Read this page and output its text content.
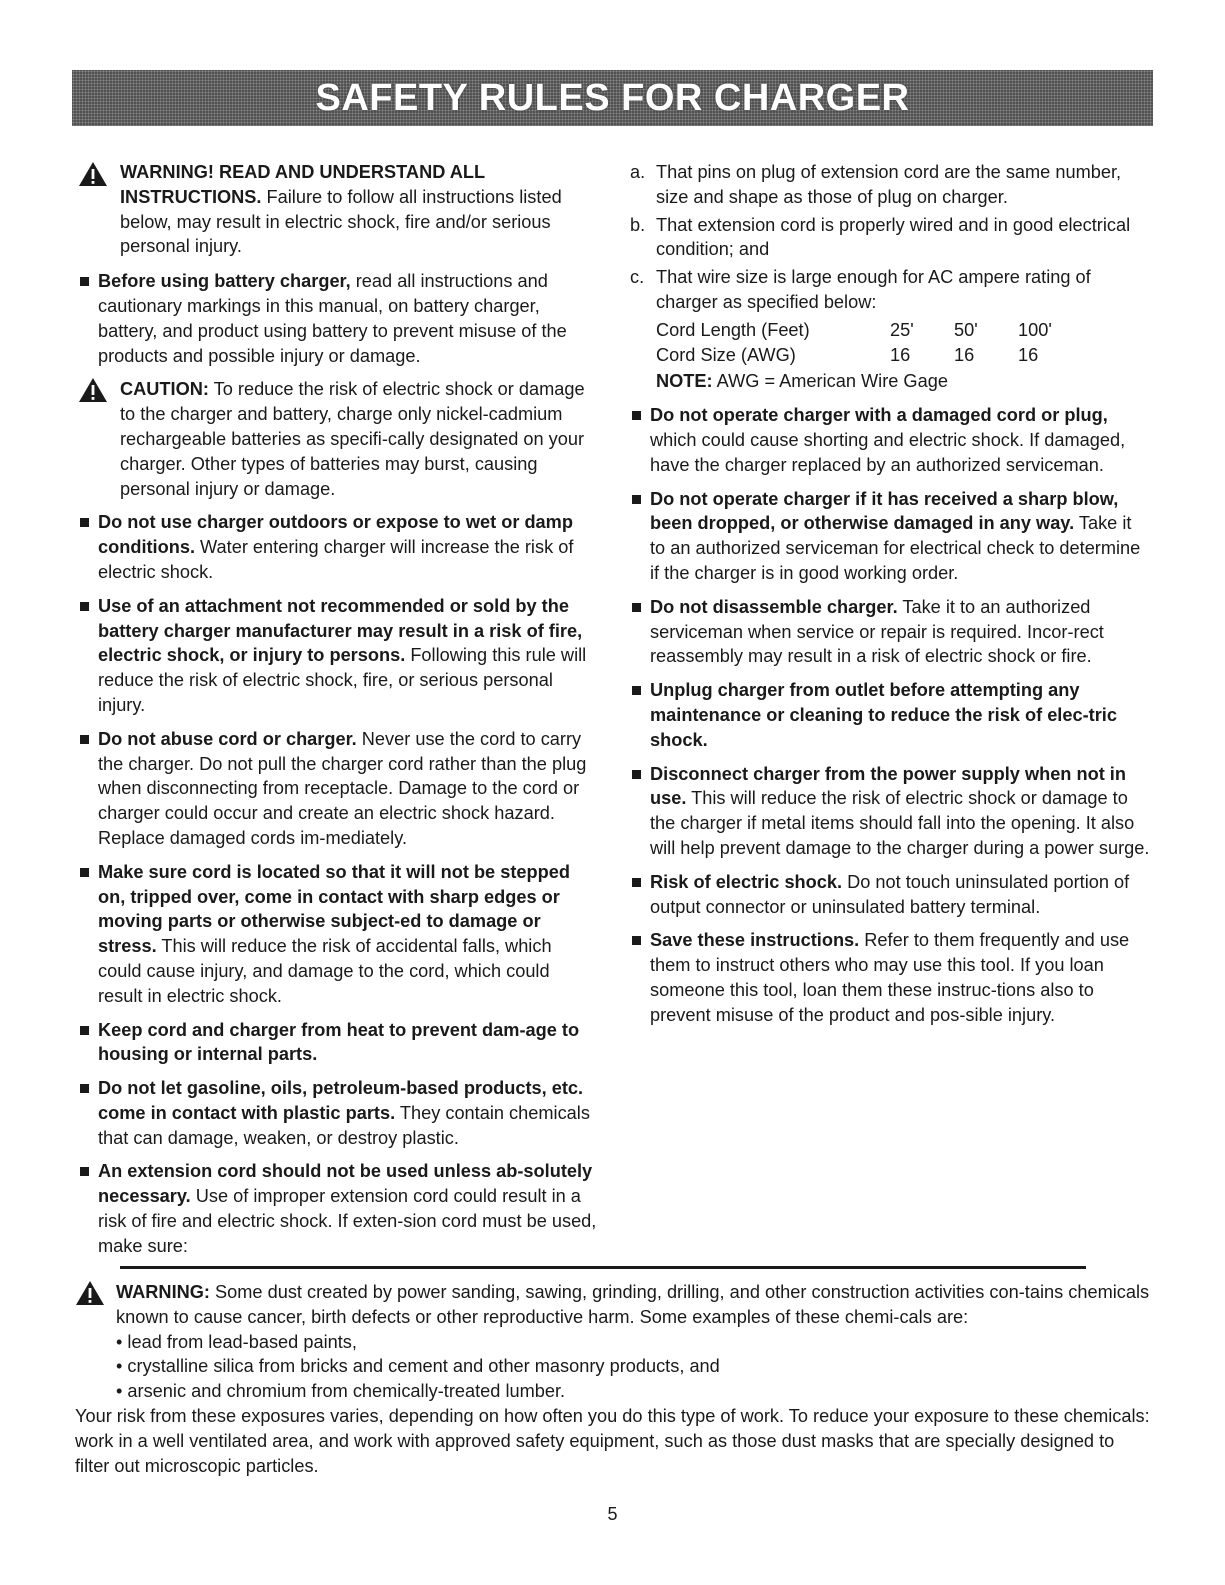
SAFETY RULES FOR CHARGER

WARNING! READ AND UNDERSTAND ALL INSTRUCTIONS. Failure to follow all instructions listed below, may result in electric shock, fire and/or serious personal injury.

Before using battery charger, read all instructions and cautionary markings in this manual, on battery charger, battery, and product using battery to prevent misuse of the products and possible injury or damage.

CAUTION: To reduce the risk of electric shock or damage to the charger and battery, charge only nickel-cadmium rechargeable batteries as specifi-cally designated on your charger. Other types of batteries may burst, causing personal injury or damage.

Do not use charger outdoors or expose to wet or damp conditions. Water entering charger will increase the risk of electric shock.

Use of an attachment not recommended or sold by the battery charger manufacturer may result in a risk of fire, electric shock, or injury to persons. Following this rule will reduce the risk of electric shock, fire, or serious personal injury.

Do not abuse cord or charger. Never use the cord to carry the charger. Do not pull the charger cord rather than the plug when disconnecting from receptacle. Damage to the cord or charger could occur and create an electric shock hazard. Replace damaged cords im-mediately.

Make sure cord is located so that it will not be stepped on, tripped over, come in contact with sharp edges or moving parts or otherwise subject-ed to damage or stress. This will reduce the risk of accidental falls, which could cause injury, and damage to the cord, which could result in electric shock.

Keep cord and charger from heat to prevent dam-age to housing or internal parts.

Do not let gasoline, oils, petroleum-based products, etc. come in contact with plastic parts. They contain chemicals that can damage, weaken, or destroy plastic.

An extension cord should not be used unless ab-solutely necessary. Use of improper extension cord could result in a risk of fire and electric shock. If exten-sion cord must be used, make sure:

a. That pins on plug of extension cord are the same number, size and shape as those of plug on charger.

b. That extension cord is properly wired and in good electrical condition; and

c. That wire size is large enough for AC ampere rating of charger as specified below:

Cord Length (Feet)	25'	50'	100'
Cord Size (AWG)	16	16	16

NOTE: AWG = American Wire Gage

Do not operate charger with a damaged cord or plug, which could cause shorting and electric shock. If damaged, have the charger replaced by an authorized serviceman.

Do not operate charger if it has received a sharp blow, been dropped, or otherwise damaged in any way. Take it to an authorized serviceman for electrical check to determine if the charger is in good working order.

Do not disassemble charger. Take it to an authorized serviceman when service or repair is required. Incor-rect reassembly may result in a risk of electric shock or fire.

Unplug charger from outlet before attempting any maintenance or cleaning to reduce the risk of elec-tric shock.

Disconnect charger from the power supply when not in use. This will reduce the risk of electric shock or damage to the charger if metal items should fall into the opening. It also will help prevent damage to the charger during a power surge.

Risk of electric shock. Do not touch uninsulated portion of output connector or uninsulated battery terminal.

Save these instructions. Refer to them frequently and use them to instruct others who may use this tool. If you loan someone this tool, loan them these instruc-tions also to prevent misuse of the product and pos-sible injury.

WARNING: Some dust created by power sanding, sawing, grinding, drilling, and other construction activities con-tains chemicals known to cause cancer, birth defects or other reproductive harm. Some examples of these chemi-cals are:

• lead from lead-based paints,

• crystalline silica from bricks and cement and other masonry products, and

• arsenic and chromium from chemically-treated lumber.

Your risk from these exposures varies, depending on how often you do this type of work. To reduce your exposure to these chemicals: work in a well ventilated area, and work with approved safety equipment, such as those dust masks that are specially designed to filter out microscopic particles.

5
